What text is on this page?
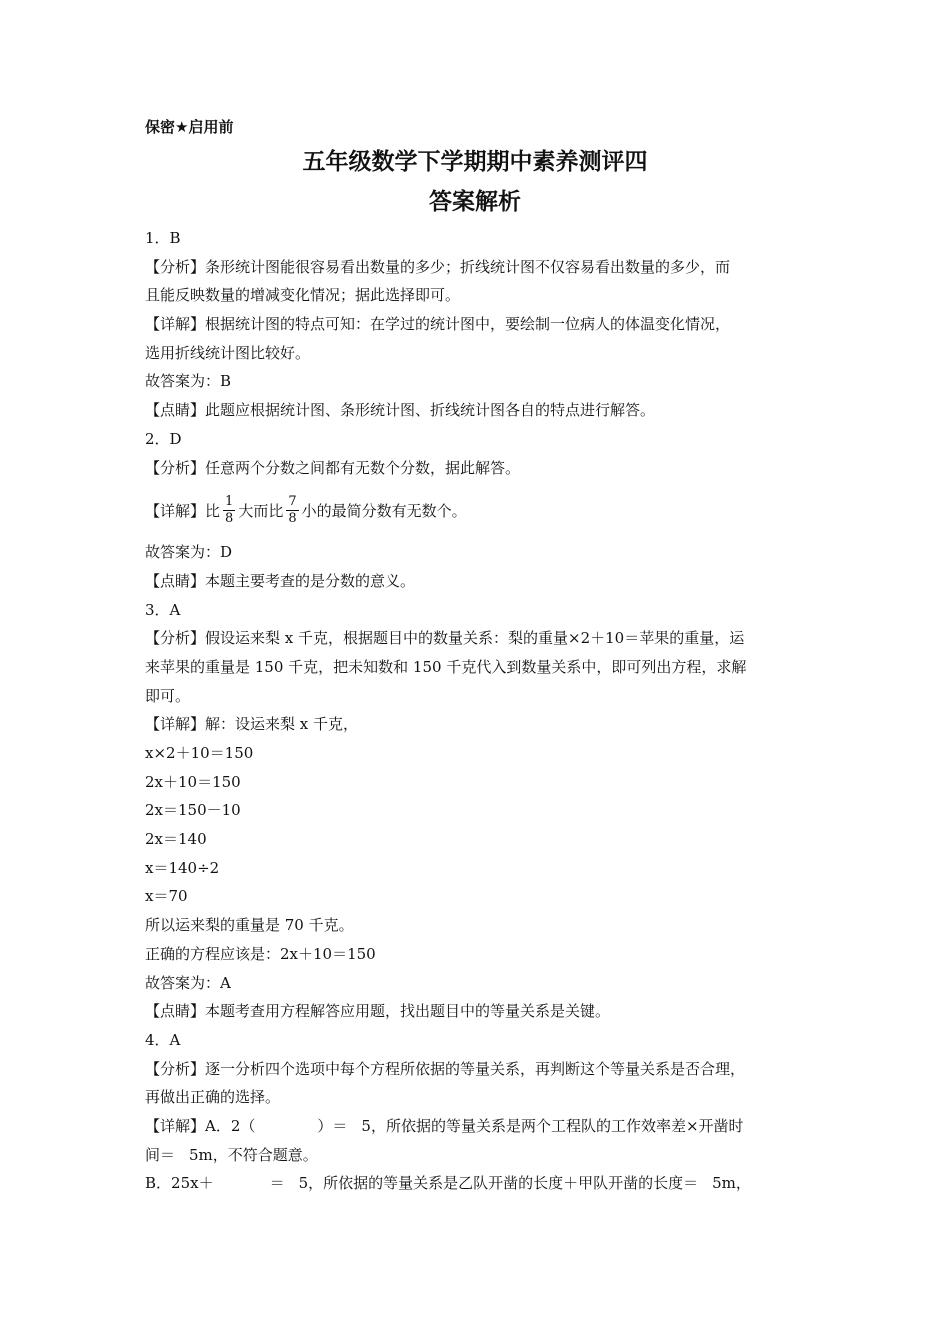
保密★启用前
五年级数学下学期期中素养测评四
答案解析
1．B
【分析】条形统计图能很容易看出数量的多少；折线统计图不仅容易看出数量的多少，而
且能反映数量的增减变化情况；据此选择即可。
【详解】根据统计图的特点可知：在学过的统计图中，要绘制一位病人的体温变化情况，
选用折线统计图比较好。
故答案为：B
【点睛】此题应根据统计图、条形统计图、折线统计图各自的特点进行解答。
2．D
【分析】任意两个分数之间都有无数个分数，据此解答。
【详解】 比 $\frac{1}{8}$ 大而比 $\frac{7}{8}$ 小的最简分数有无数个。
故答案为：D
【点睛】本题主要考查的是分数的意义。
3．A
【分析】假设运来梨 x 千克，根据题目中的数量关系：梨的重量×2＋10＝苹果的重量，运
来苹果的重量是 150 千克，把未知数和 150 千克代入到数量关系中，即可列出方程，求解
即可。
【详解】解：设运来梨 x 千克，
x×2＋10＝150
2x＋10＝150
2x＝150－10
2x＝140
x＝140÷2
x＝70
所以运来梨的重量是 70 千克。
正确的方程应该是：2x＋10＝150
故答案为：A
【点睛】本题考查用方程解答应用题，找出题目中的等量关系是关键。
4．A
【分析】逐一分析四个选项中每个方程所依据的等量关系，再判断这个等量关系是否合理，
再做出正确的选择。
【详解】A．2（	）＝ 5，所依据的等量关系是两个工程队的工作效率差×开凿时
间＝ 5m，不符合题意。
B．25x＋	＝ 5，所依据的等量关系是乙队开凿的长度＋甲队开凿的长度＝ 5m，
